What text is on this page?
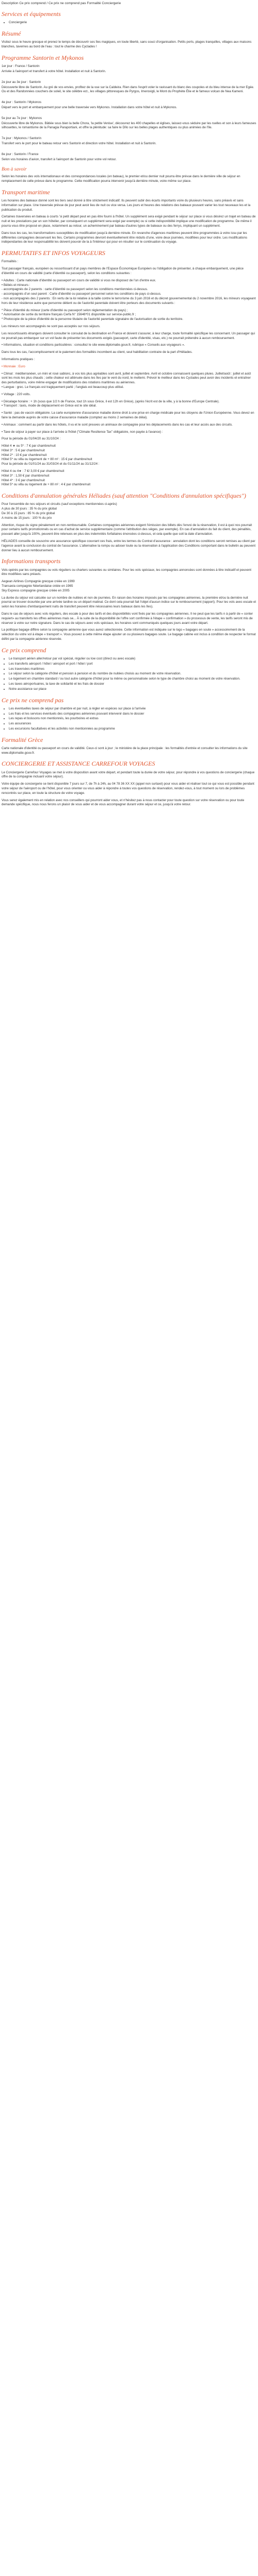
Description Ce prix comprend / Ce prix ne comprend pas Formalité Conciergerie

Services et équipements
• Conciergerie
Résumé

Visitez sous le heure grecque et prenez le temps de découvrir ses îles magiques, en toute liberté, sans souci d'organisation. Petits ports, plages tranquilles, villages aux maisons blanches, tavernes au bord de l'eau : tout le charme des Cyclades !

Programme Santorin et Mykonos

1er jour : France / Santorin

Arrivée à l'aéroport et transfert à votre hôtel. Installation et nuit à Santorin.

2e jour au 3e jour : Santorin

Découverte libre de Santorin. Au gré de vos envies, profitez de la vue sur la Caldeira. Rien dans l'esprit voler le ravissant du blanc des coupoles et du bleu intense de la mer Egée. Ou et des Randonnées couchers de soleil, le site célèbre ect., les villages pittoresques de Pyrgos, Imerovigli, le Mont du Prophète Élie et le fameux volcan de Nea Kameni.

4e jour : Santorin / Mykonos

Départ vers le port et embarquement pour une belle traversée vers Mykonos. Installation dans votre hôtel et nuit à Mykonos.

5e jour au 7e jour : Mykonos

Découverte libre de Mykonos. Bâtiée sous bien la belle Chora, 'la petite Venise', découvrez les 400 chapelles et églises, laissez-vous séduire par les ruelles et son à leurs fameuses silhouettes, le romantisme de la Panagia Paraportiani, et offre la plénitude: sa faire le Dîlo sur les belles plages authentiques ou plus animées de l'île.

7e jour : Mykonos / Santorin

Transfert vers le port pour le bateau retour vers Santorin et direction votre hôtel. Installation et nuit à Santorin.

8e jour : Santorin / France

Selon vos horaires d'avion, transfert à l'aéroport de Santorin pour votre vol retour.

Bon à savoir

Selon les horaires des vols internationaux et des correspondances locales (en bateau), le premier et/ou dernier nuit pourra être prévue dans le dernière ville de séjour en remplacement de celle prévue dans le programme. Cette modification pourra intervenir jusqu'à dernière minute, voire même sur place.

Transport maritime

Les horaires des bateaux donné sont les tiers seul donné à titre strictement indicatif. Ils peuvent subir des écarts importants voire du plusieurs heures, sans préavis et sans information sur place. Une traversée prévue de jour peut avoir lieu de nuit ou vice versa. Les jours et heures des relations des bateaux pouvant varier les tout neuveaux les et la publication du produit.

Certaines traversées en bateau à courts 'si petit départ peut en pas être fourni à l'hôtel. Un supplément sera exigé pendant le séjour sur place si vous désirez un trajet en bateau de nuit et les prestations par un son hôtelier, par conséquent un supplément sera exigé par exemple) ou si cette indisponibilité implique une modification de programme. De même il pourra vous être proposé en place, notamment au retour, un acheminement par bateau d'autres types de bateaux ou des ferrys, impliquant un supplément.

Dans tous les cas, les transformations susceptibles de modification jusqu'à dernière minute. En revanche d'agences maritimes peuvent être programmées à votre issu par les différentes compagnies desservant les îles. Certains programmes devront éventuellement être réduits d'une, voire deux journées, modifiées pour leur ordre. Les modifications indépendantes de leur responsabilité les doivent pouvoir de la à l'intérieur qui pour en résulter sur le continuation du voyage.

PERMUTATIFS ET INFOS VOYAGEURS

Formalités :

Tout passager français, européen ou ressortissant d'un pays membres de l'Espace Économique Européen ou l'obligation de présenter, à chaque embarquement, une pièce d'identité en cours de validité (carte d'identité ou passeport), selon les conditions suivantes :

• Adultes : Carte nationale d'identité ou passeport en cours de validité si vous ne disposez de l'un d'entre eux.

• Bébés et mineurs :

- accompagnés de 2 parents : carte d'identité ou passeport selon les conditions mentionnées ci-dessus.

- accompagnés d'un seul parent : Carte d'identité ou passeport personnel selon les conditions de pays ci-dessus.

- non accompagnés des 2 parents : En vertu de la loi relative à la taille contre le terrorisme du 3 juin 2016 et du décret gouvernemental du 2 novembre 2016, les mineurs voyageant hors de leur résidence autre que personne détient ou de l'autorité parentale doivent être porteurs des documents suivants :

* Pièce d'identité du mineur (carte d'identité ou passeport selon réglementation du pays) ;

* Autorisation de sortie du territoire français Cerfa N° 15646*01 disponible sur service-public.fr ;

* Photocopie de la pièce d'identité de la personne titulaire de l'autorité parentale signataire de l'autorisation de sortie du territoire.

Les mineurs non accompagnés ne sont pas acceptés sur nos séjours.

Les ressortissants étrangers doivent consulter le consulat de la destination en France et doivent s'assurer, à leur charge, toute formalité spécifique les concernant. Un passager qui ne pourrait pas embarquer sur un vol faute de présenter les documents exigés (passeport, carte d'identité, visas, etc.) ne pourrait prétendre à aucun remboursement.

• Informations, situation et conditions particulières : consultez le site www.diplomatie.gouv.fr, rubrique « Conseils aux voyageurs ».

Dans tous les cas, l'accomplissement et le paiement des formalités incombent au client, seul habilitation contraire de la part d'Héliades.

Informations pratiques :

• Monnaie : Euro

• Climat : méditerranéen, un mini et rosé sablonc, à vos lois plus agréables sont avril, juillet et septembre. Avril et octobre connaissent quelques pluies. Juillet/août : juillet et août sont les mois les plus chauds ; cette chaleur est atténuée dans les îles par le vent du nord, le meltemi. Prévoir le meilleur dans les Cyclades peut avoir des incidents et entraîner des perturbations, voire même engager de modifications des rotations maritimes ou aériennes.

• Langue : grec. Le français est tragiquement parlé ; l'anglais est beaucoup plus utilisé.

• Voltage : 220 volts.

• Décalage horaire : + 1h (sous que 1/2 h de France, tout 1h sous Grèce, il est 12h en Grèce), (après l'écrit est de la ville, y à la bonne d'Europe Centrale).

• Transport : taxis, mode de déplacement en Grèce est le site idéal.

• Santé : pas de vaccin obligatoire. La carte européenne d'assurance maladie donne droit à une prise en charge médicale pour les citoyens de l'Union Européenne. Vous devez en faire la demande auprès de votre caisse d'assurance maladie (comptez au moins 2 semaines de délai).

• Animaux : comment au partir dans les hôtels, il vu et le sont preuves un animaux de compagnie pour les déplacements dans les cas et leur accès aux des circuits.

• Taxe de séjour à payer sur place à l'arrivée à l'hôtel ("Climate Resilience Tax" obligatoire, non payée à l'avance) :

Pour la période du 01/04/20 au 31/10/24 :

Hôtel 4 ★ ou 5* : 7 € par chambre/nuit

Hôtel 3* : 5 € par chambre/nuit

Hôtel 2* : 10 € par chambre/nuit

Hôtel 5* ou villa ou logement de + 80 m² : 15 € par chambre/nuit

Pour la période du 01/01/24 au 31/03/24 et du 01/11/24 au 31/12/24 :

Hôtel 4 ou 4★ : 7 €/ 3,00 € par chambre/nuit

Hôtel 3* : 1,50 € par chambre/nuit

Hôtel 4* : 3 € par chambre/nuit

Hôtel 5* ou villa ou logement de + 80 m² : 4 € par chambre/nuit

Conditions d'annulation générales Héliades (sauf attention "Conditions d'annulation spécifiques")

Pour l'ensemble de nos séjours et circuits (sauf exceptions mentionnées ci-après)

A plus de 30 jours : 35 % du prix global

De 30 à 15 jours : 85 % du prix global

A moins de 15 jours : 100 % du prix

Attention, risque du signe pénalement en non-remboursable. Certaines compagnies aériennes exigent l'émission des billets dès l'envoi de la réservation, il est à quoi nos pourrait pour certains tarifs promotionnels ou en cas d'achat de service supplémentaire (comme l'attribution des sièges, par exemple). En cas d'annulation du fait du client, des pénalités, pouvant aller jusqu'à 100%, peuvent être retenues en plus des indemnités forfaitaires énoncées ci-dessus, et cela quelle que soit la date d'annulation.

HÉLIADES conseille de souscrire une assurance spécifique couvrant ces frais, entre les termes du Contrat d'assurance : annulation dont les conditions seront remises au client par l'agence avant la conclusion du contrat de l'assurance. L'alternative la rompu ou adoser toute ou la réservation à l'application des Conditions comportant dans le bulletin au peuvent donner lieu à aucun remboursement.

Informations transports

Vols opérés par les compagnies ou vols réguliers ou charters suivantes ou similaires. Pour les vols spéciaux, les compagnies annoncées sont données à titre indicatif et peuvent être modifiées sans préavis.

Aegean Airlines Compagnie grecque créée en 1999

Transavia compagnie Néerlandaise créée en 1965

Sky Express compagnie grecque créée en 2005

La durée du séjour est calculée sur un nombre de nuitées et non de journées. En raison des horaires imposés par les compagnies aériennes, la première et/ou la dernière nuit pourrai se trouver écourtée par une arrivée tardive ou un départ matinal. Ce dont cela pourrait fait l'objet d'aucun indice sur le remboursement (rapport). Pour les vols avec escale et selon les horaires d'embarquement nuits de transfert peuvent être nécessaires leurs bateaux dans les îles).

Dans le cas de séjours avec vols réguliers, des escale à pour des tarifs et des disponibilités vont fixés par les compagnies aériennes. Il ne peut que les tarifs n à partir de « conter requiert» au transferts les offres aériennes mais se... À la suite de la disponibilité de l'offre sort confirmée à l'étape « confirmation » du processus de vente, les tarifs seront mis de réserver à votre sur notre signature. Dans le cas de séjours avec vols spéciaux, les horaires sont communiqués quelques jours avant votre départ.

La politique bagage diffère selon la compagnie aérienne que vous aurez sélectionnée. Cette information est indiquée sur le logo « bagages en soute » accessoirement de la sélection du votre vol à étape « transport ». Vous pouvez à cette même étape ajouter un ou plusieurs bagages soute. Le bagage cabine est inclus à condition de respecter le format défini par la compagnie aérienne réservée.

Ce prix comprend
• Le transport aérien aller/retour par vol spécial, régulier ou low cost (direct ou avec escale)
• Les transferts aéroport / hôtel / aéroport et port / hôtel / port
• Les traversées maritimes
• Le séjour selon la catégorie d'hôtel et pension à pension et du nombre de nuitées choisis au moment de votre réservation.
• Le logement en chambre standard / ou tout autre catégorie d'hôtel pour la même ou personnalisée selon le type de chambre choisi au moment de votre réservation.
• Les taxes aéroportuaires, la taxe de solidarité et les frais de dossier
• Notre assistance sur place
Ce prix ne comprend pas
• Les éventuelles taxes de séjour par chambre et par nuit, à régler en espèces sur place à l'arrivée
• Les frais et les services éventuels des compagnies aériennes pouvant intervenir dans le dossier
• Les repas et boissons non mentionnés, les pourboires et extras
• Les assurances
• Les excursions facultatives et les activités non mentionnées au programme
Formalité Grèce

Carte nationale d'identité ou passeport en cours de validité. Ceux-ci sont à jour ; le ministère de la place principale : les formalités d'entrée et consulter les informations du site www.diplomatie.gouv.fr.

CONCIERGERIE ET ASSISTANCE CARREFOUR VOYAGES

Le Conciergerie Carrefour Voyages se met à votre disposition avant votre départ, et pendant toute la durée de votre séjour, pour répondre à vos questions de conciergerie (chaque offre de la compagnie incluant votre séjour).

Votre équipe de conciergerie se tient disponible 7 jours sur 7, de 7h à 24h, au 04 78 36 XX XX (appel non surtaxé) pour vous aider et réaliser tout ce qui vous est possible pendant votre séjour de l'aéroport ou de l'hôtel, pour vous orienter ou vous aider à répondre à toutes vos questions de réservation, rendez-vous, à tout moment ou lors de problèmes rencontrés sur place, en toute la structure de votre voyage.

Vous serez également mis en relation avec nos conseillers qui pourront aider vous, et n'hésitez pas à nous contacter pour toute question sur votre réservation ou pour toute demande spécifique, nous nous ferons un plaisir de vous aider et de vous accompagner durant votre séjour et ce, jusqu'à votre retour.
